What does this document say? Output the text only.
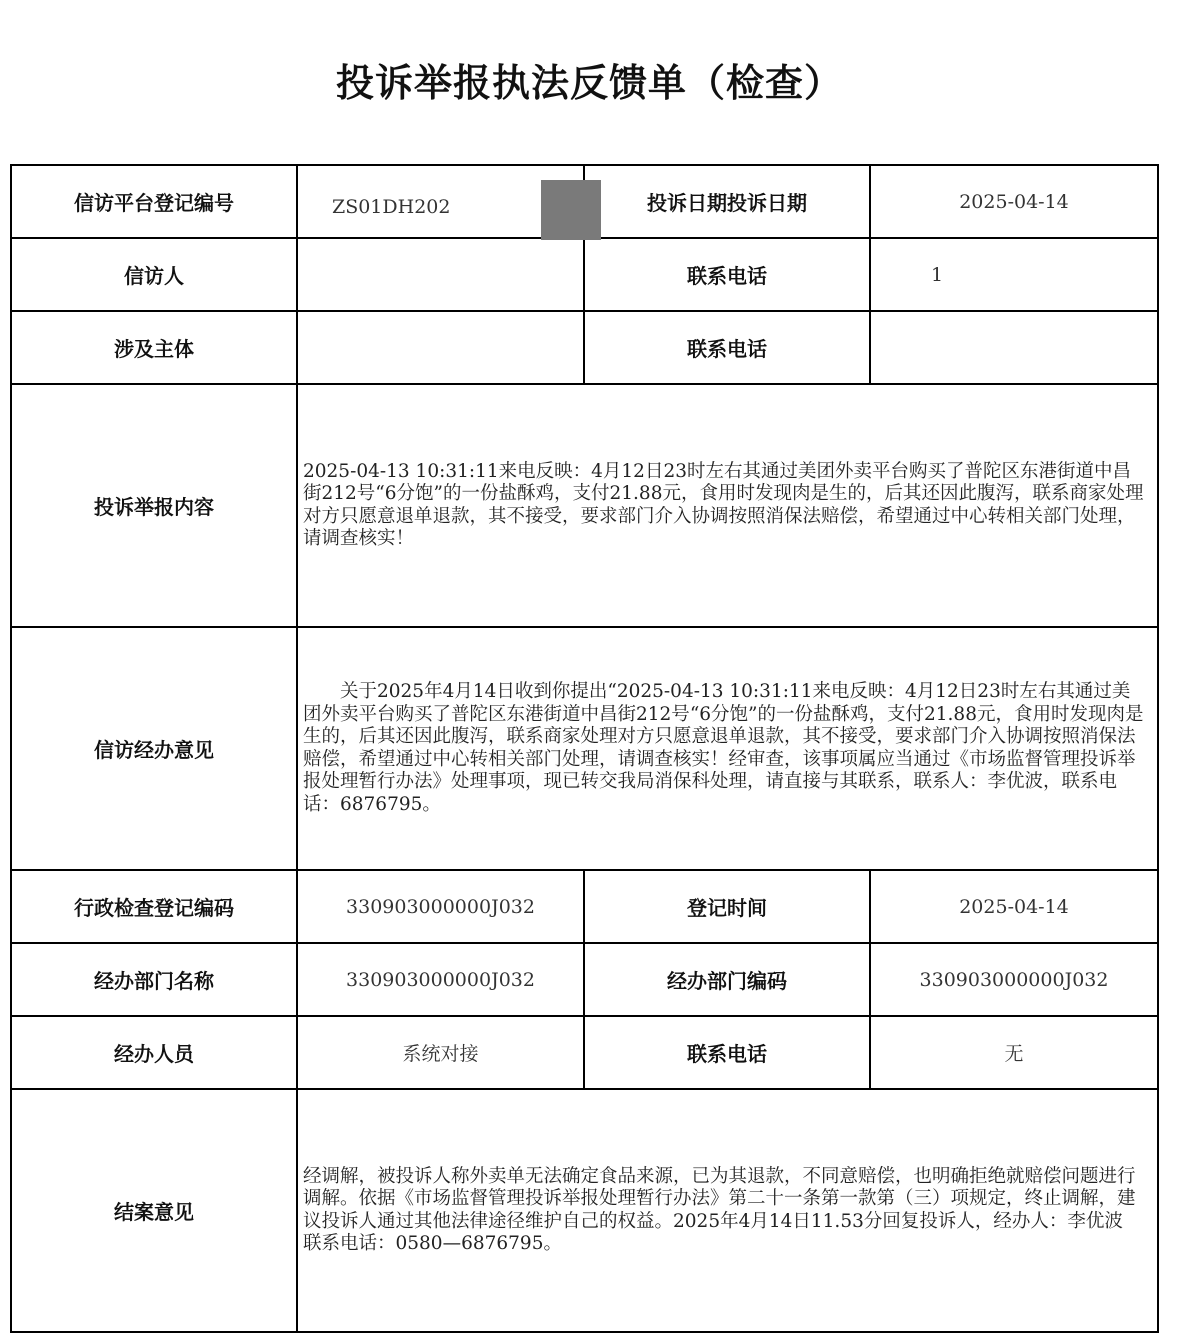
投诉举报执法反馈单（检查）
信访平台登记编号	ZS01DH202	投诉日期投诉日期	2025-04-14
信访人		联系电话	1
涉及主体		联系电话	
投诉举报内容	2025-04-13 10:31:11来电反映：4月12日23时左右其通过美团外卖平台购买了普陀区东港街道中昌街212号“6分饱”的一份盐酥鸡，支付21.88元，食用时发现肉是生的，后其还因此腹泻，联系商家处理对方只愿意退单退款，其不接受，要求部门介入协调按照消保法赔偿，希望通过中心转相关部门处理，请调查核实！		
信访经办意见	关于2025年4月14日收到你提出“2025-04-13 10:31:11来电反映：4月12日23时左右其通过美团外卖平台购买了普陀区东港街道中昌街212号“6分饱”的一份盐酥鸡，支付21.88元，食用时发现肉是生的，后其还因此腹泻，联系商家处理对方只愿意退单退款，其不接受，要求部门介入协调按照消保法赔偿，希望通过中心转相关部门处理，请调查核实！经审查，该事项属应当通过《市场监督管理投诉举报处理暂行办法》处理事项，现已转交我局消保科处理，请直接与其联系，联系人：李优波，联系电话：6876795。		
行政检查登记编码	330903000000J032	登记时间	2025-04-14
经办部门名称	330903000000J032	经办部门编码	330903000000J032
经办人员	系统对接	联系电话	无
结案意见	经调解，被投诉人称外卖单无法确定食品来源，已为其退款，不同意赔偿，也明确拒绝就赔偿问题进行调解。依据《市场监督管理投诉举报处理暂行办法》第二十一条第一款第（三）项规定，终止调解，建议投诉人通过其他法律途径维护自己的权益。2025年4月14日11.53分回复投诉人，经办人：李优波　联系电话：0580—6876795。		
